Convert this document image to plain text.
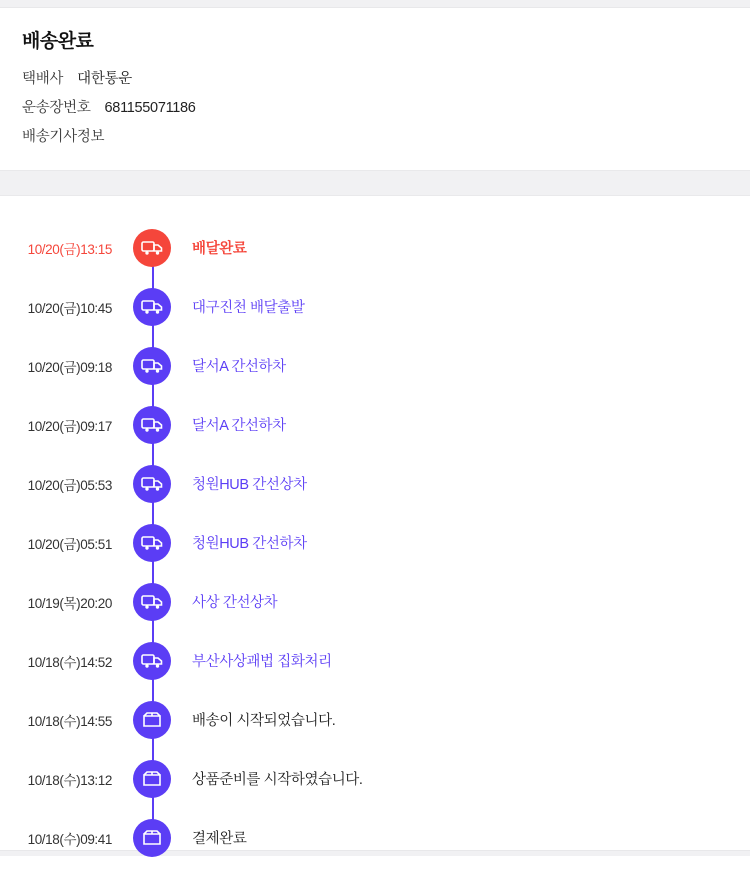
배송완료
택배사 대한통운
운송장번호 681155071186
배송기사정보
10/20(금)13:15	배달완료
10/20(금)10:45	대구진천 배달출발
10/20(금)09:18	달서A 간선하차
10/20(금)09:17	달서A 간선하차
10/20(금)05:53	청원HUB 간선상차
10/20(금)05:51	청원HUB 간선하차
10/19(목)20:20	사상 간선상차
10/18(수)14:52	부산사상괘법 집화처리
10/18(수)14:55	배송이 시작되었습니다.
10/18(수)13:12	상품준비를 시작하였습니다.
10/18(수)09:41	결제완료
